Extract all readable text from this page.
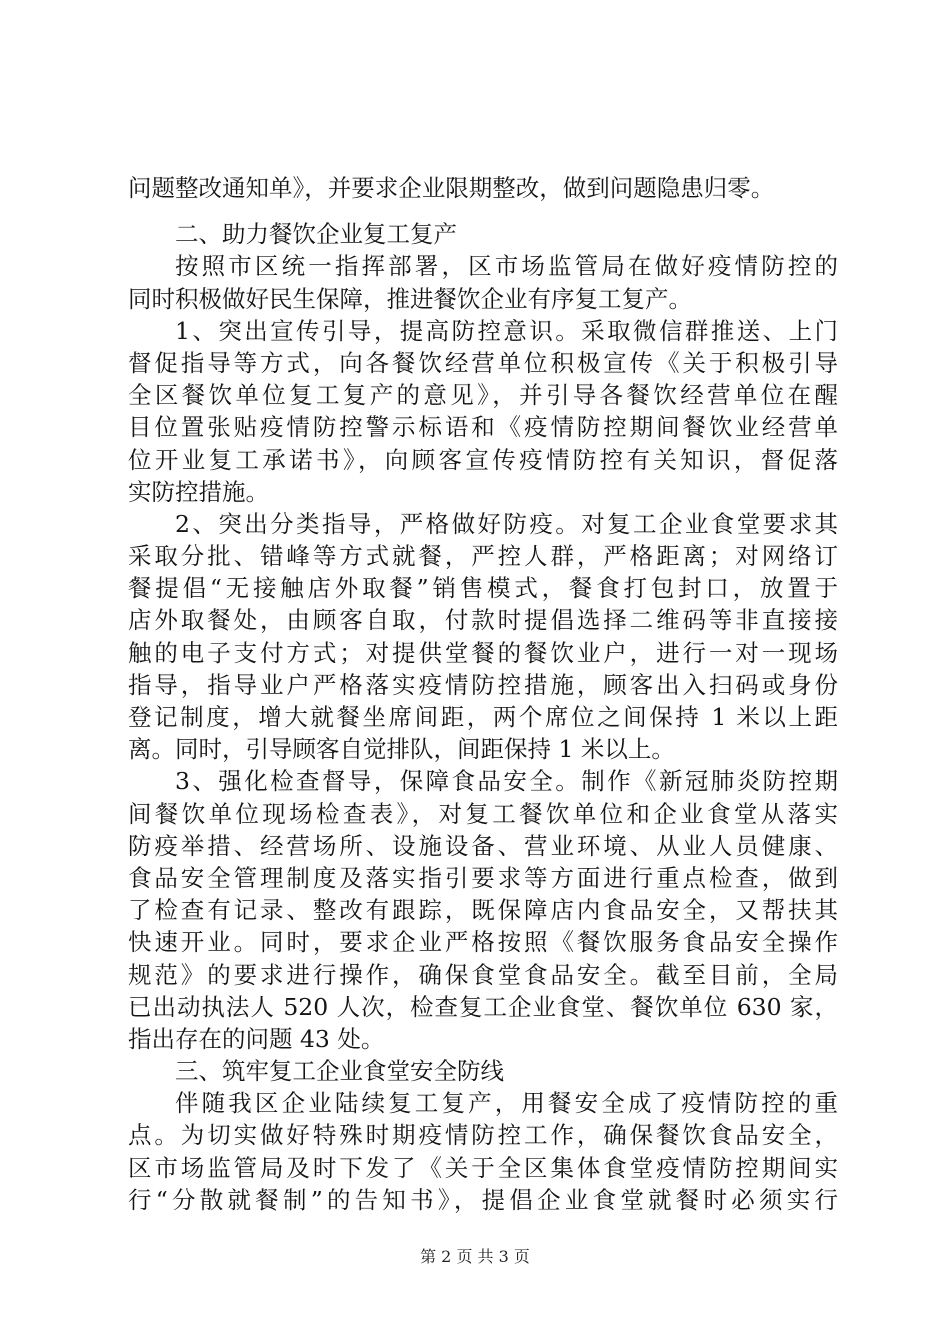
问题整改通知单》，并要求企业限期整改，做到问题隐患归零。
二、助力餐饮企业复工复产
按照市区统一指挥部署，区市场监管局在做好疫情防控的
同时积极做好民生保障，推进餐饮企业有序复工复产。
1、突出宣传引导，提高防控意识。采取微信群推送、上门
督促指导等方式，向各餐饮经营单位积极宣传《关于积极引导
全区餐饮单位复工复产的意见》，并引导各餐饮经营单位在醒
目位置张贴疫情防控警示标语和《疫情防控期间餐饮业经营单
位开业复工承诺书》，向顾客宣传疫情防控有关知识，督促落
实防控措施。
2、突出分类指导，严格做好防疫。对复工企业食堂要求其
采取分批、错峰等方式就餐，严控人群，严格距离；对网络订
餐提倡“无接触店外取餐”销售模式，餐食打包封口，放置于
店外取餐处，由顾客自取，付款时提倡选择二维码等非直接接
触的电子支付方式；对提供堂餐的餐饮业户，进行一对一现场
指导，指导业户严格落实疫情防控措施，顾客出入扫码或身份
登记制度，增大就餐坐席间距，两个席位之间保持 1 米以上距
离。同时，引导顾客自觉排队，间距保持 1 米以上。
3、强化检查督导，保障食品安全。制作《新冠肺炎防控期
间餐饮单位现场检查表》，对复工餐饮单位和企业食堂从落实
防疫举措、经营场所、设施设备、营业环境、从业人员健康、
食品安全管理制度及落实指引要求等方面进行重点检查，做到
了检查有记录、整改有跟踪，既保障店内食品安全，又帮扶其
快速开业。同时，要求企业严格按照《餐饮服务食品安全操作
规范》的要求进行操作，确保食堂食品安全。截至目前，全局
已出动执法人 520 人次，检查复工企业食堂、餐饮单位 630 家，
指出存在的问题 43 处。
三、筑牢复工企业食堂安全防线
伴随我区企业陆续复工复产，用餐安全成了疫情防控的重
点。为切实做好特殊时期疫情防控工作，确保餐饮食品安全，
区市场监管局及时下发了《关于全区集体食堂疫情防控期间实
行“分散就餐制”的告知书》，提倡企业食堂就餐时必须实行
第 2 页 共 3 页
